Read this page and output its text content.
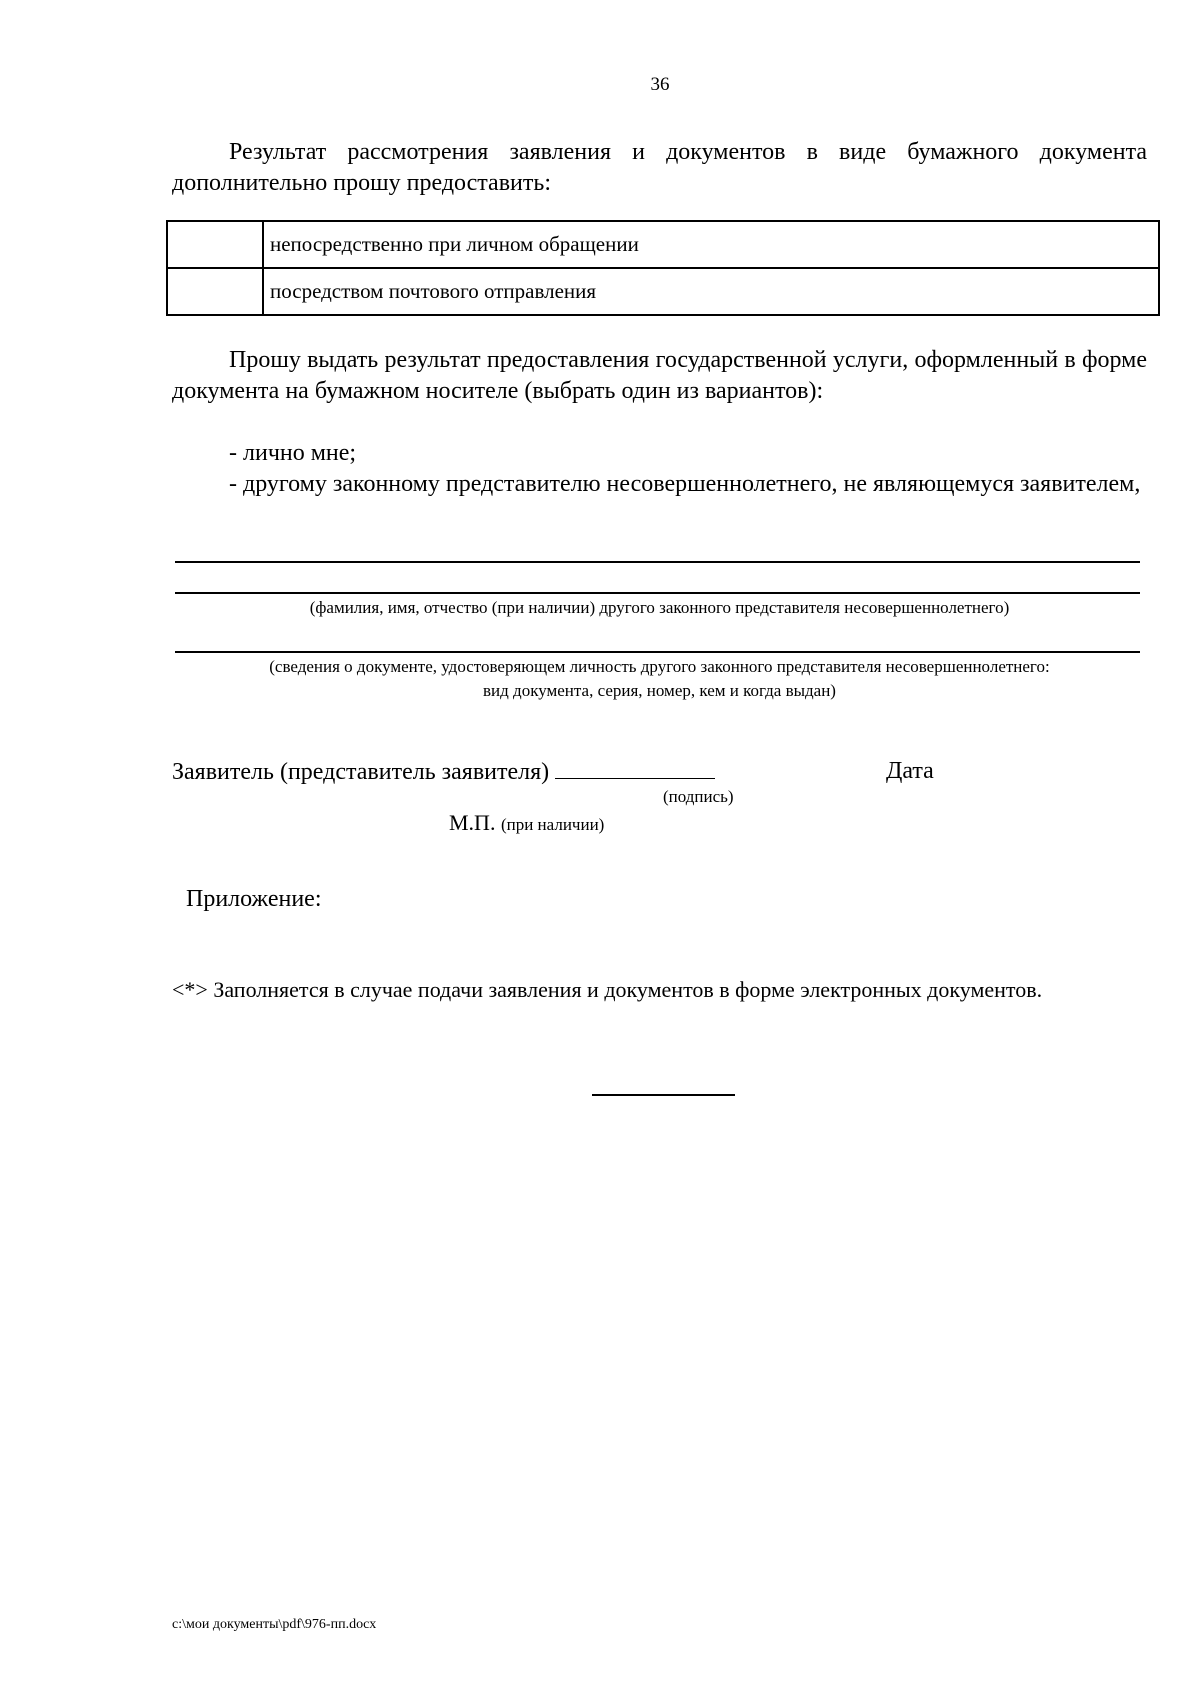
36
Результат рассмотрения заявления и документов в виде бумажного документа дополнительно прошу предоставить:
	непосредственно при личном обращении
	посредством почтового отправления
Прошу выдать результат предоставления государственной услуги, оформленный в форме документа на бумажном носителе (выбрать один из вариантов):
- лично мне;
- другому законному представителю несовершеннолетнего, не являющемуся заявителем,
(фамилия, имя, отчество (при наличии) другого законного представителя несовершеннолетнего)
(сведения о документе, удостоверяющем личность другого законного представителя несовершеннолетнего:
вид документа, серия, номер, кем и когда выдан)
Заявитель (представитель заявителя)	Дата
(подпись)
М.П. (при наличии)
Приложение:
<*> Заполняется в случае подачи заявления и документов в форме электронных документов.
c:\мои документы\pdf\976-пп.docx
